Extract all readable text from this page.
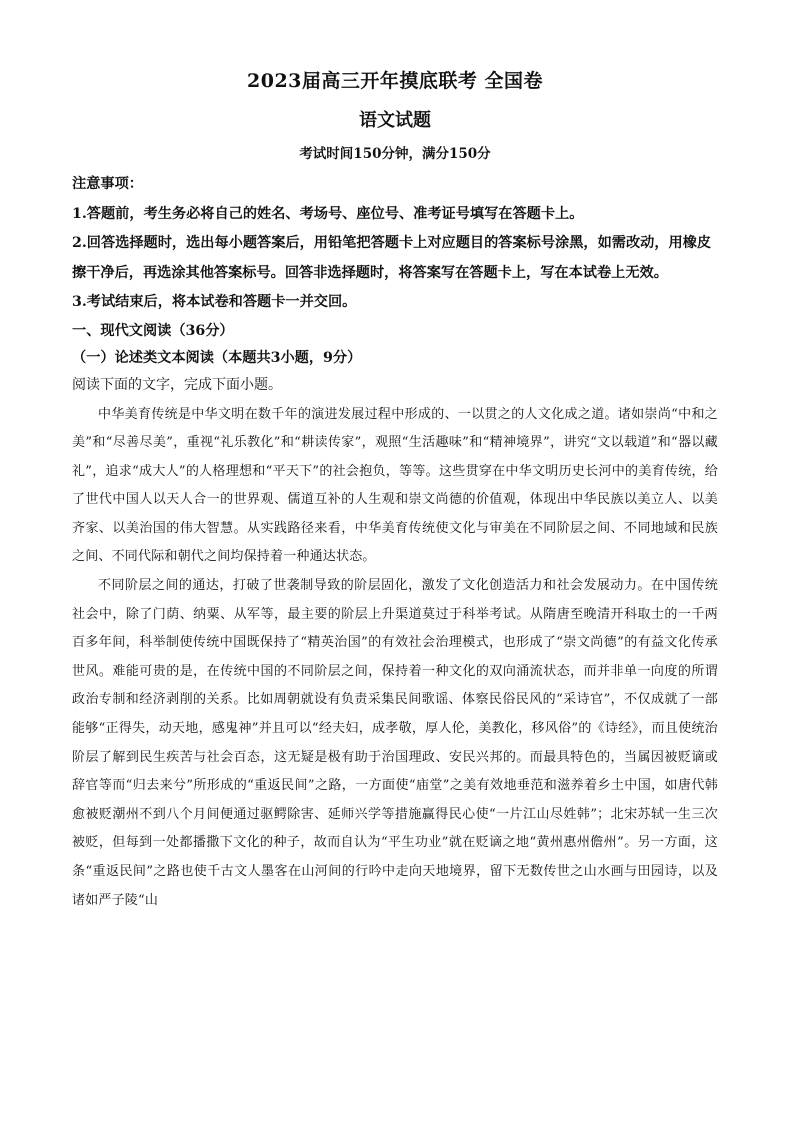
2023届高三开年摸底联考 全国卷
语文试题
考试时间150分钟，满分150分
注意事项：
1.答题前，考生务必将自己的姓名、考场号、座位号、准考证号填写在答题卡上。
2.回答选择题时，选出每小题答案后，用铅笔把答题卡上对应题目的答案标号涂黑，如需改动，用橡皮擦干净后，再选涂其他答案标号。回答非选择题时，将答案写在答题卡上，写在本试卷上无效。
3.考试结束后，将本试卷和答题卡一并交回。
一、现代文阅读（36分）
（一）论述类文本阅读（本题共3小题，9分）
阅读下面的文字，完成下面小题。

中华美育传统是中华文明在数千年的演进发展过程中形成的、一以贯之的人文化成之道。诸如崇尚“中和之美”和“尽善尽美”，重视“礼乐教化”和“耕读传家”，观照“生活趣味”和“精神境界”，讲究“文以载道”和“器以藏礼”，追求“成大人”的人格理想和“平天下”的社会抱负，等等。这些贯穿在中华文明历史长河中的美育传统，给了世代中国人以天人合一的世界观、儒道互补的人生观和崇文尚德的价值观，体现出中华民族以美立人、以美齐家、以美治国的伟大智慧。从实践路径来看，中华美育传统使文化与审美在不同阶层之间、不同地域和民族之间、不同代际和朝代之间均保持着一种通达状态。

不同阶层之间的通达，打破了世袭制导致的阶层固化，激发了文化创造活力和社会发展动力。在中国传统社会中，除了门荫、纳粟、从军等，最主要的阶层上升渠道莫过于科举考试。从隋唐至晚清开科取士的一千两百多年间，科举制使传统中国既保持了“精英治国”的有效社会治理模式，也形成了“崇文尚德”的有益文化传承世风。难能可贵的是，在传统中国的不同阶层之间，保持着一种文化的双向涌流状态，而并非单一向度的所谓政治专制和经济剥削的关系。比如周朝就设有负责采集民间歌谣、体察民俗民风的“采诗官”，不仅成就了一部能够“正得失，动天地，感鬼神”并且可以“经夫妇，成孝敬，厚人伦，美教化，移风俗”的《诗经》，而且使统治阶层了解到民生疾苦与社会百态，这无疑是极有助于治国理政、安民兴邦的。而最具特色的，当属因被贬谪或辞官等而“归去来兮”所形成的“重返民间”之路，一方面使“庙堂”之美有效地垂范和滋养着乡土中国，如唐代韩愈被贬潮州不到八个月间便通过驱鳄除害、延师兴学等措施赢得民心使“一片江山尽姓韩”；北宋苏轼一生三次被贬，但每到一处都播撒下文化的种子，故而自认为“平生功业”就在贬谪之地“黄州惠州儋州”。另一方面，这条“重返民间”之路也使千古文人墨客在山河间的行吟中走向天地境界，留下无数传世之山水画与田园诗，以及诸如严子陵“山
